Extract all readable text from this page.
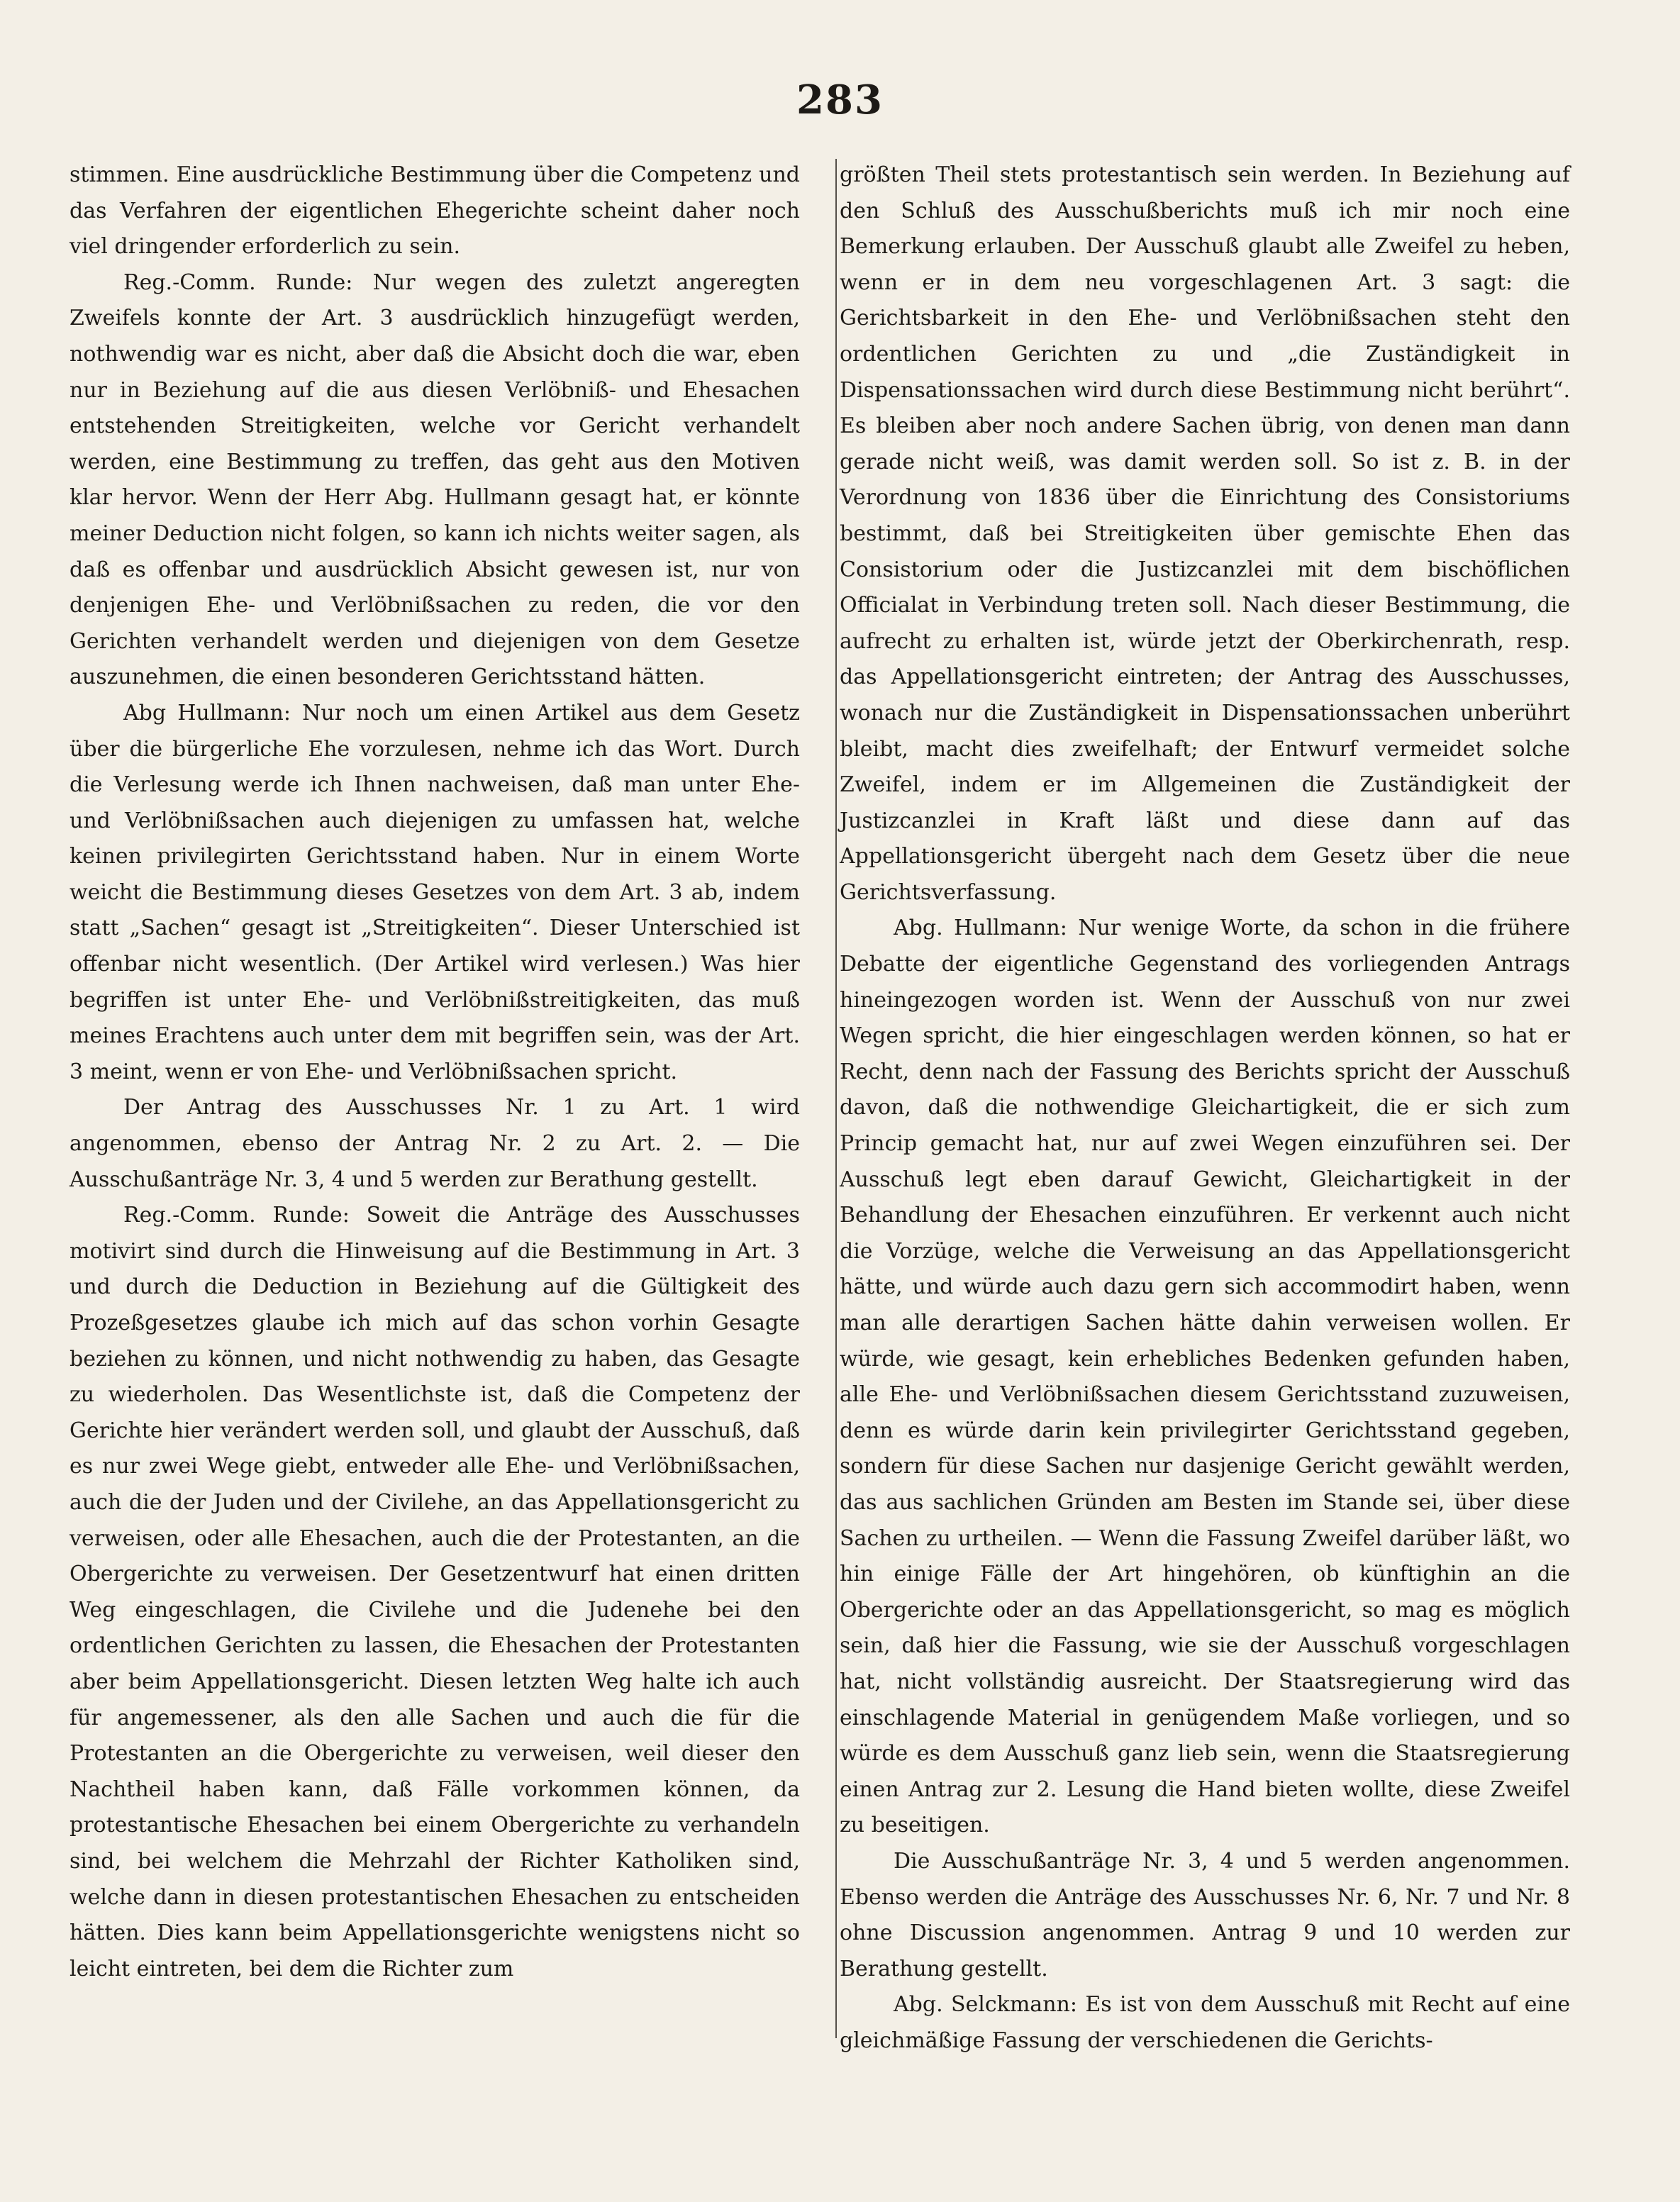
283

stimmen. Eine ausdrückliche Bestimmung über die Competenz und das Verfahren der eigentlichen Ehegerichte scheint daher noch viel dringender erforderlich zu sein.

Reg.-Comm. Runde: Nur wegen des zuletzt angeregten Zweifels konnte der Art. 3 ausdrücklich hinzugefügt werden, nothwendig war es nicht, aber daß die Absicht doch die war, eben nur in Beziehung auf die aus diesen Verlöbniß- und Ehesachen entstehenden Streitigkeiten, welche vor Gericht verhandelt werden, eine Bestimmung zu treffen, das geht aus den Motiven klar hervor. Wenn der Herr Abg. Hullmann gesagt hat, er könnte meiner Deduction nicht folgen, so kann ich nichts weiter sagen, als daß es offenbar und ausdrücklich Absicht gewesen ist, nur von denjenigen Ehe- und Verlöbnißsachen zu reden, die vor den Gerichten verhandelt werden und diejenigen von dem Gesetze auszunehmen, die einen besonderen Gerichtsstand hätten.

Abg Hullmann: Nur noch um einen Artikel aus dem Gesetz über die bürgerliche Ehe vorzulesen, nehme ich das Wort. Durch die Verlesung werde ich Ihnen nachweisen, daß man unter Ehe- und Verlöbnißsachen auch diejenigen zu umfassen hat, welche keinen privilegirten Gerichtsstand haben. Nur in einem Worte weicht die Bestimmung dieses Gesetzes von dem Art. 3 ab, indem statt „Sachen“ gesagt ist „Streitigkeiten“. Dieser Unterschied ist offenbar nicht wesentlich. (Der Artikel wird verlesen.) Was hier begriffen ist unter Ehe- und Verlöbnißstreitigkeiten, das muß meines Erachtens auch unter dem mit begriffen sein, was der Art. 3 meint, wenn er von Ehe- und Verlöbnißsachen spricht.

Der Antrag des Ausschusses Nr. 1 zu Art. 1 wird angenommen, ebenso der Antrag Nr. 2 zu Art. 2. — Die Ausschußanträge Nr. 3, 4 und 5 werden zur Berathung gestellt.

Reg.-Comm. Runde: Soweit die Anträge des Ausschusses motivirt sind durch die Hinweisung auf die Bestimmung in Art. 3 und durch die Deduction in Beziehung auf die Gültigkeit des Prozeßgesetzes glaube ich mich auf das schon vorhin Gesagte beziehen zu können, und nicht nothwendig zu haben, das Gesagte zu wiederholen. Das Wesentlichste ist, daß die Competenz der Gerichte hier verändert werden soll, und glaubt der Ausschuß, daß es nur zwei Wege giebt, entweder alle Ehe- und Verlöbnißsachen, auch die der Juden und der Civilehe, an das Appellationsgericht zu verweisen, oder alle Ehesachen, auch die der Protestanten, an die Obergerichte zu verweisen. Der Gesetzentwurf hat einen dritten Weg eingeschlagen, die Civilehe und die Judenehe bei den ordentlichen Gerichten zu lassen, die Ehesachen der Protestanten aber beim Appellationsgericht. Diesen letzten Weg halte ich auch für angemessener, als den alle Sachen und auch die für die Protestanten an die Obergerichte zu verweisen, weil dieser den Nachtheil haben kann, daß Fälle vorkommen können, da protestantische Ehesachen bei einem Obergerichte zu verhandeln sind, bei welchem die Mehrzahl der Richter Katholiken sind, welche dann in diesen protestantischen Ehesachen zu entscheiden hätten. Dies kann beim Appellationsgerichte wenigstens nicht so leicht eintreten, bei dem die Richter zum

größten Theil stets protestantisch sein werden. In Beziehung auf den Schluß des Ausschußberichts muß ich mir noch eine Bemerkung erlauben. Der Ausschuß glaubt alle Zweifel zu heben, wenn er in dem neu vorgeschlagenen Art. 3 sagt: die Gerichtsbarkeit in den Ehe- und Verlöbnißsachen steht den ordentlichen Gerichten zu und „die Zuständigkeit in Dispensationssachen wird durch diese Bestimmung nicht berührt“. Es bleiben aber noch andere Sachen übrig, von denen man dann gerade nicht weiß, was damit werden soll. So ist z. B. in der Verordnung von 1836 über die Einrichtung des Consistoriums bestimmt, daß bei Streitigkeiten über gemischte Ehen das Consistorium oder die Justizcanzlei mit dem bischöflichen Officialat in Verbindung treten soll. Nach dieser Bestimmung, die aufrecht zu erhalten ist, würde jetzt der Oberkirchenrath, resp. das Appellationsgericht eintreten; der Antrag des Ausschusses, wonach nur die Zuständigkeit in Dispensationssachen unberührt bleibt, macht dies zweifelhaft; der Entwurf vermeidet solche Zweifel, indem er im Allgemeinen die Zuständigkeit der Justizcanzlei in Kraft läßt und diese dann auf das Appellationsgericht übergeht nach dem Gesetz über die neue Gerichtsverfassung.

Abg. Hullmann: Nur wenige Worte, da schon in die frühere Debatte der eigentliche Gegenstand des vorliegenden Antrags hineingezogen worden ist. Wenn der Ausschuß von nur zwei Wegen spricht, die hier eingeschlagen werden können, so hat er Recht, denn nach der Fassung des Berichts spricht der Ausschuß davon, daß die nothwendige Gleichartigkeit, die er sich zum Princip gemacht hat, nur auf zwei Wegen einzuführen sei. Der Ausschuß legt eben darauf Gewicht, Gleichartigkeit in der Behandlung der Ehesachen einzuführen. Er verkennt auch nicht die Vorzüge, welche die Verweisung an das Appellationsgericht hätte, und würde auch dazu gern sich accommodirt haben, wenn man alle derartigen Sachen hätte dahin verweisen wollen. Er würde, wie gesagt, kein erhebliches Bedenken gefunden haben, alle Ehe- und Verlöbnißsachen diesem Gerichtsstand zuzuweisen, denn es würde darin kein privilegirter Gerichtsstand gegeben, sondern für diese Sachen nur dasjenige Gericht gewählt werden, das aus sachlichen Gründen am Besten im Stande sei, über diese Sachen zu urtheilen. — Wenn die Fassung Zweifel darüber läßt, wo hin einige Fälle der Art hingehören, ob künftighin an die Obergerichte oder an das Appellationsgericht, so mag es möglich sein, daß hier die Fassung, wie sie der Ausschuß vorgeschlagen hat, nicht vollständig ausreicht. Der Staatsregierung wird das einschlagende Material in genügendem Maße vorliegen, und so würde es dem Ausschuß ganz lieb sein, wenn die Staatsregierung einen Antrag zur 2. Lesung die Hand bieten wollte, diese Zweifel zu beseitigen.

Die Ausschußanträge Nr. 3, 4 und 5 werden angenommen. Ebenso werden die Anträge des Ausschusses Nr. 6, Nr. 7 und Nr. 8 ohne Discussion angenommen. Antrag 9 und 10 werden zur Berathung gestellt.

Abg. Selckmann: Es ist von dem Ausschuß mit Recht auf eine gleichmäßige Fassung der verschiedenen die Gerichts-
